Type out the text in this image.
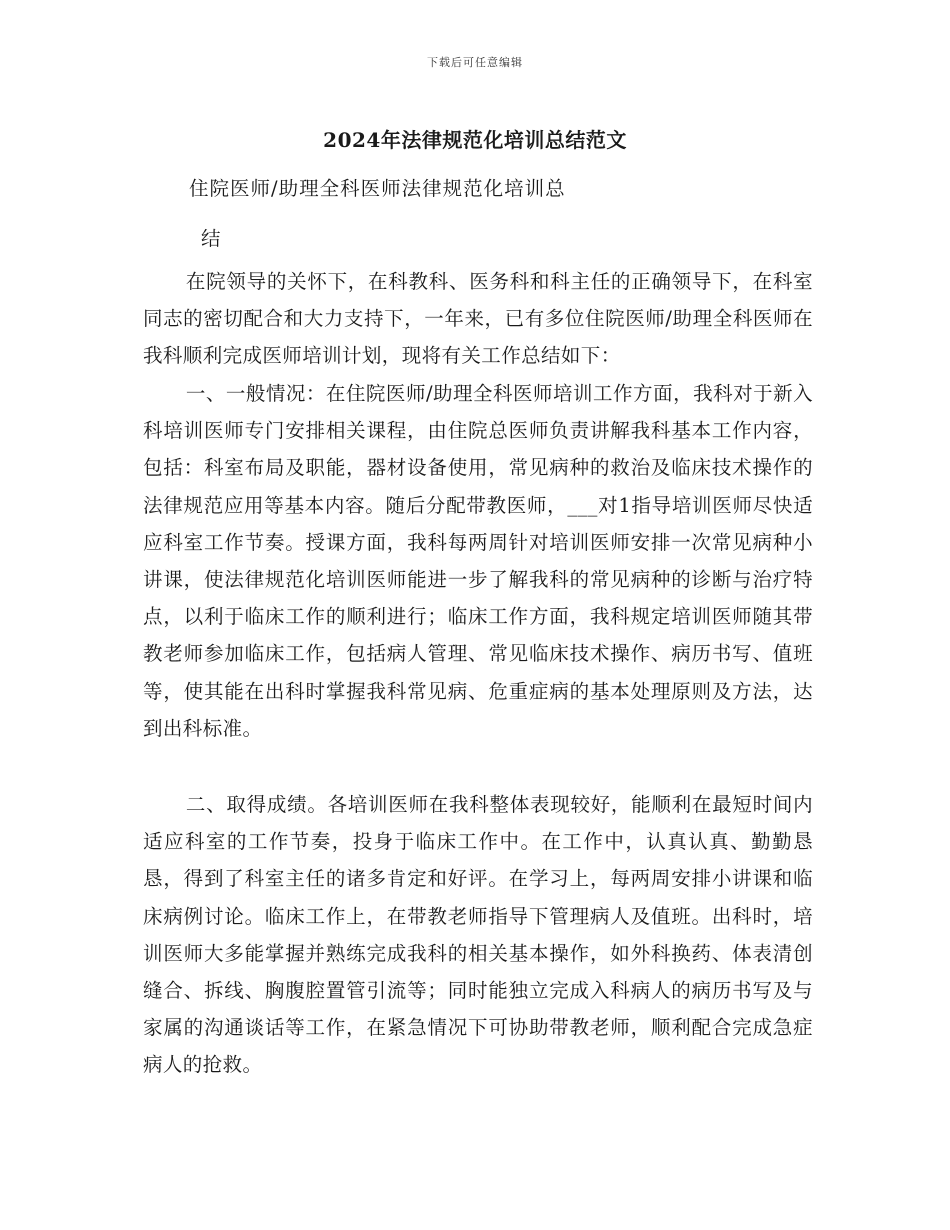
下载后可任意编辑
2024年法律规范化培训总结范文
住院医师/助理全科医师法律规范化培训总
结

在院领导的关怀下，在科教科、医务科和科主任的正确领导下，在科室同志的密切配合和大力支持下，一年来，已有多位住院医师/助理全科医师在我科顺利完成医师培训计划，现将有关工作总结如下：

一、一般情况：在住院医师/助理全科医师培训工作方面，我科对于新入科培训医师专门安排相关课程，由住院总医师负责讲解我科基本工作内容，包括：科室布局及职能，器材设备使用，常见病种的救治及临床技术操作的法律规范应用等基本内容。随后分配带教医师，___对1指导培训医师尽快适应科室工作节奏。授课方面，我科每两周针对培训医师安排一次常见病种小讲课，使法律规范化培训医师能进一步了解我科的常见病种的诊断与治疗特点，以利于临床工作的顺利进行；临床工作方面，我科规定培训医师随其带教老师参加临床工作，包括病人管理、常见临床技术操作、病历书写、值班等，使其能在出科时掌握我科常见病、危重症病的基本处理原则及方法，达到出科标准。

二、取得成绩。各培训医师在我科整体表现较好，能顺利在最短时间内适应科室的工作节奏，投身于临床工作中。在工作中，认真认真、勤勤恳恳，得到了科室主任的诸多肯定和好评。在学习上，每两周安排小讲课和临床病例讨论。临床工作上，在带教老师指导下管理病人及值班。出科时，培训医师大多能掌握并熟练完成我科的相关基本操作，如外科换药、体表清创缝合、拆线、胸腹腔置管引流等；同时能独立完成入科病人的病历书写及与家属的沟通谈话等工作，在紧急情况下可协助带教老师，顺利配合完成急症病人的抢救。
